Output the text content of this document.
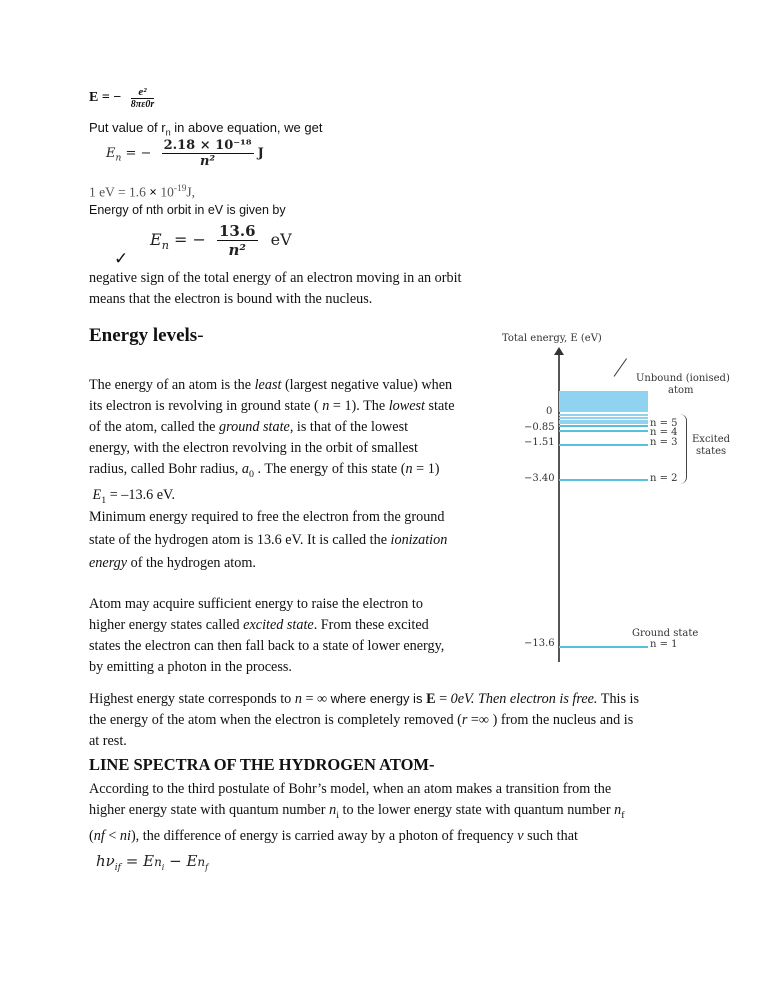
E = − $\frac{\text{e²}}{8\pi\varepsilon 0r}$
Put value of $r_n$ in above equation, we get
$E_n$ = − $\frac{\text{2.18 × 10⁻¹⁸}}{\text{n²}}$ J
1 eV = $1.6 \times 10^{-19}J$,
Energy of nth orbit in eV is given by
$E_n$ = − $\frac{13.6}{\text{n²}}$ eV
✓
negative sign of the total energy of an electron moving in an orbit
means that the electron is bound with the nucleus.
Energy levels-
The energy of an atom is the least (largest negative value) when
its electron is revolving in ground state ( n = 1). The lowest state
of the atom, called the ground state, is that of the lowest
energy, with the electron revolving in the orbit of smallest
radius, called Bohr radius, $a_0$ . The energy of this state (n = 1)
$E_1 = -13.6$ eV.
Minimum energy required to free the electron from the ground
state of the hydrogen atom is 13.6 eV. It is called the ionization
energy of the hydrogen atom.
Atom may acquire sufficient energy to raise the electron to
higher energy states called excited state. From these excited
states the electron can then fall back to a state of lower energy,
by emitting a photon in the process.
Highest energy state corresponds to n = ∞ where energy is E = 0eV. Then electron is free. This is
the energy of the atom when the electron is completely removed (r =∞ ) from the nucleus and is
at rest.
LINE SPECTRA OF THE HYDROGEN ATOM-
According to the third postulate of Bohr’s model, when an atom makes a transition from the
higher energy state with quantum number $n_i$ to the lower energy state with quantum number $n_f$
(nf < ni), the difference of energy is carried away by a photon of frequency ν such that
$h\nu_{if} = En_i - En_f$
Total energy, E (eV)
Unbound (ionised)
atom
0
n = 5
−0.85	n = 4
−1.51	n = 3
−3.40	n = 2
Excited
states
Ground state
−13.6	n = 1
